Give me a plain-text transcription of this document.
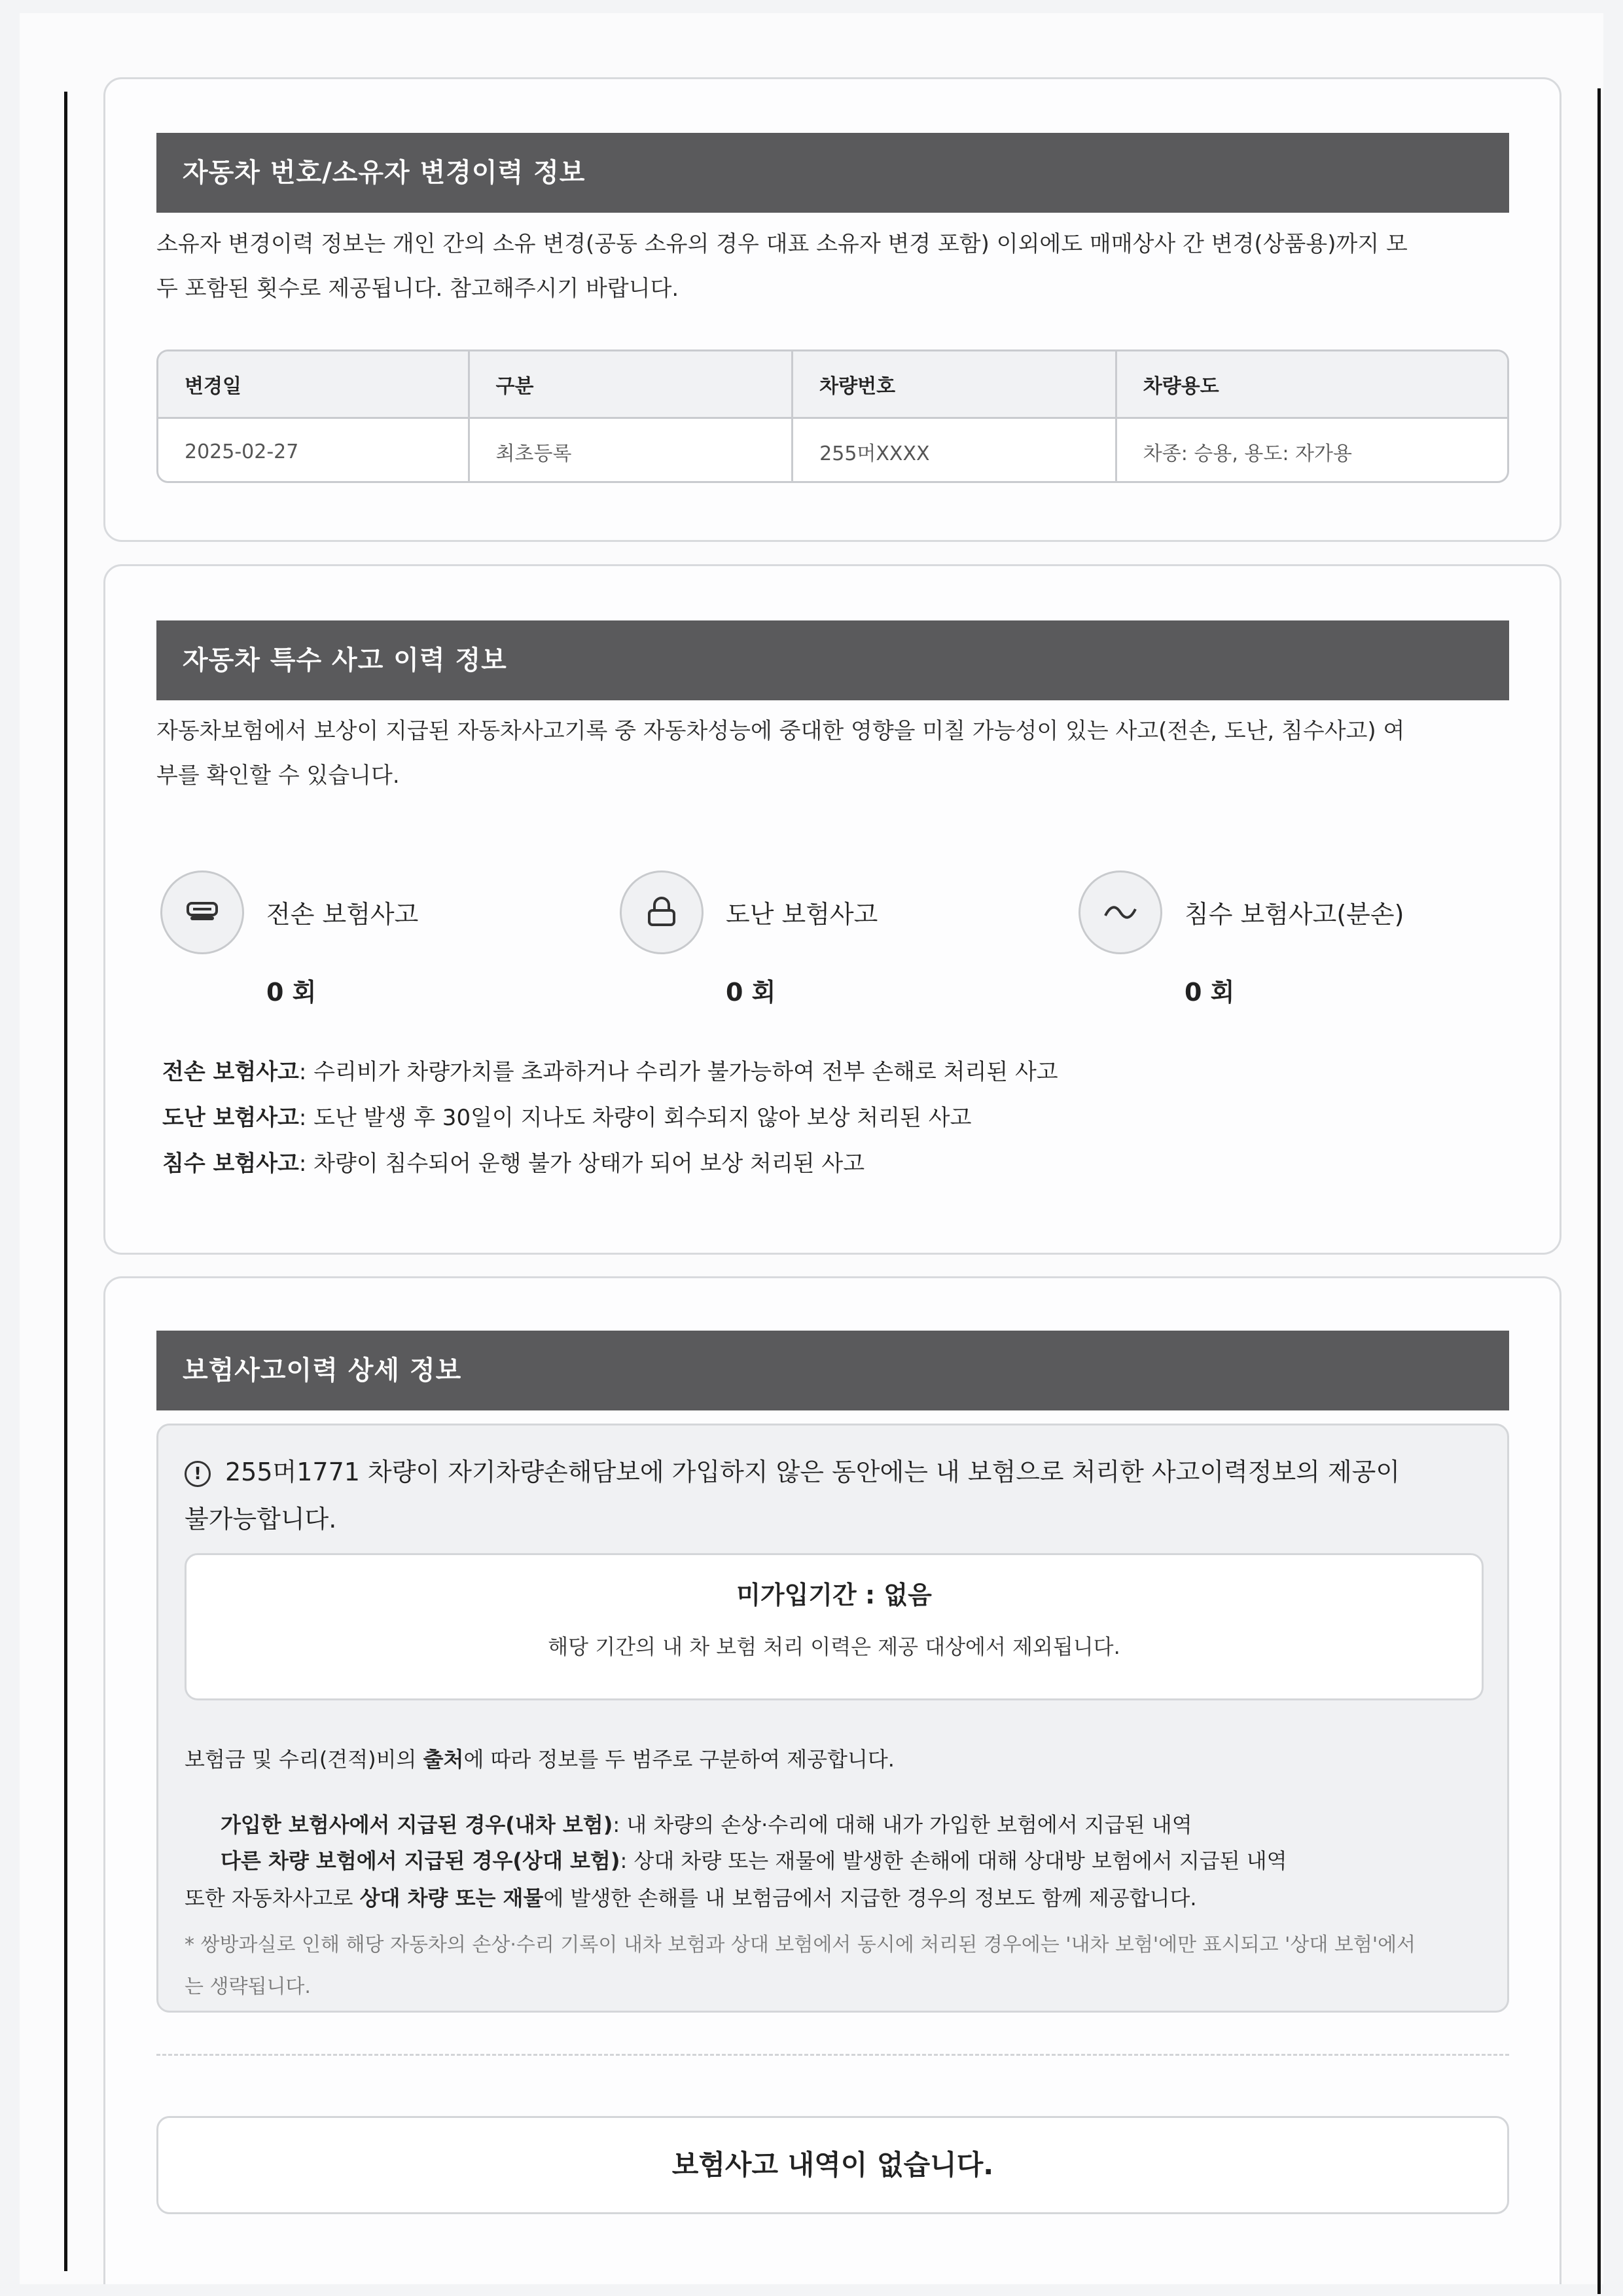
자동차 번호/소유자 변경이력 정보
소유자 변경이력 정보는 개인 간의 소유 변경(공동 소유의 경우 대표 소유자 변경 포함) 이외에도 매매상사 간 변경(상품용)까지 모
두 포함된 횟수로 제공됩니다. 참고해주시기 바랍니다.
변경일	구분	차량번호	차량용도
2025-02-27	최초등록	255머XXXX	차종: 승용, 용도: 자가용
자동차 특수 사고 이력 정보
자동차보험에서 보상이 지급된 자동차사고기록 중 자동차성능에 중대한 영향을 미칠 가능성이 있는 사고(전손, 도난, 침수사고) 여
부를 확인할 수 있습니다.
전손 보험사고
0 회
도난 보험사고
0 회
침수 보험사고(분손)
0 회
전손 보험사고: 수리비가 차량가치를 초과하거나 수리가 불가능하여 전부 손해로 처리된 사고
도난 보험사고: 도난 발생 후 30일이 지나도 차량이 회수되지 않아 보상 처리된 사고
침수 보험사고: 차량이 침수되어 운행 불가 상태가 되어 보상 처리된 사고
보험사고이력 상세 정보
! 255머1771 차량이 자기차량손해담보에 가입하지 않은 동안에는 내 보험으로 처리한 사고이력정보의 제공이
불가능합니다.
미가입기간 : 없음
해당 기간의 내 차 보험 처리 이력은 제공 대상에서 제외됩니다.
보험금 및 수리(견적)비의 출처에 따라 정보를 두 범주로 구분하여 제공합니다.
가입한 보험사에서 지급된 경우(내차 보험): 내 차량의 손상·수리에 대해 내가 가입한 보험에서 지급된 내역
다른 차량 보험에서 지급된 경우(상대 보험): 상대 차량 또는 재물에 발생한 손해에 대해 상대방 보험에서 지급된 내역
또한 자동차사고로 상대 차량 또는 재물에 발생한 손해를 내 보험금에서 지급한 경우의 정보도 함께 제공합니다.
* 쌍방과실로 인해 해당 자동차의 손상·수리 기록이 내차 보험과 상대 보험에서 동시에 처리된 경우에는 '내차 보험'에만 표시되고 '상대 보험'에서
는 생략됩니다.
보험사고 내역이 없습니다.
